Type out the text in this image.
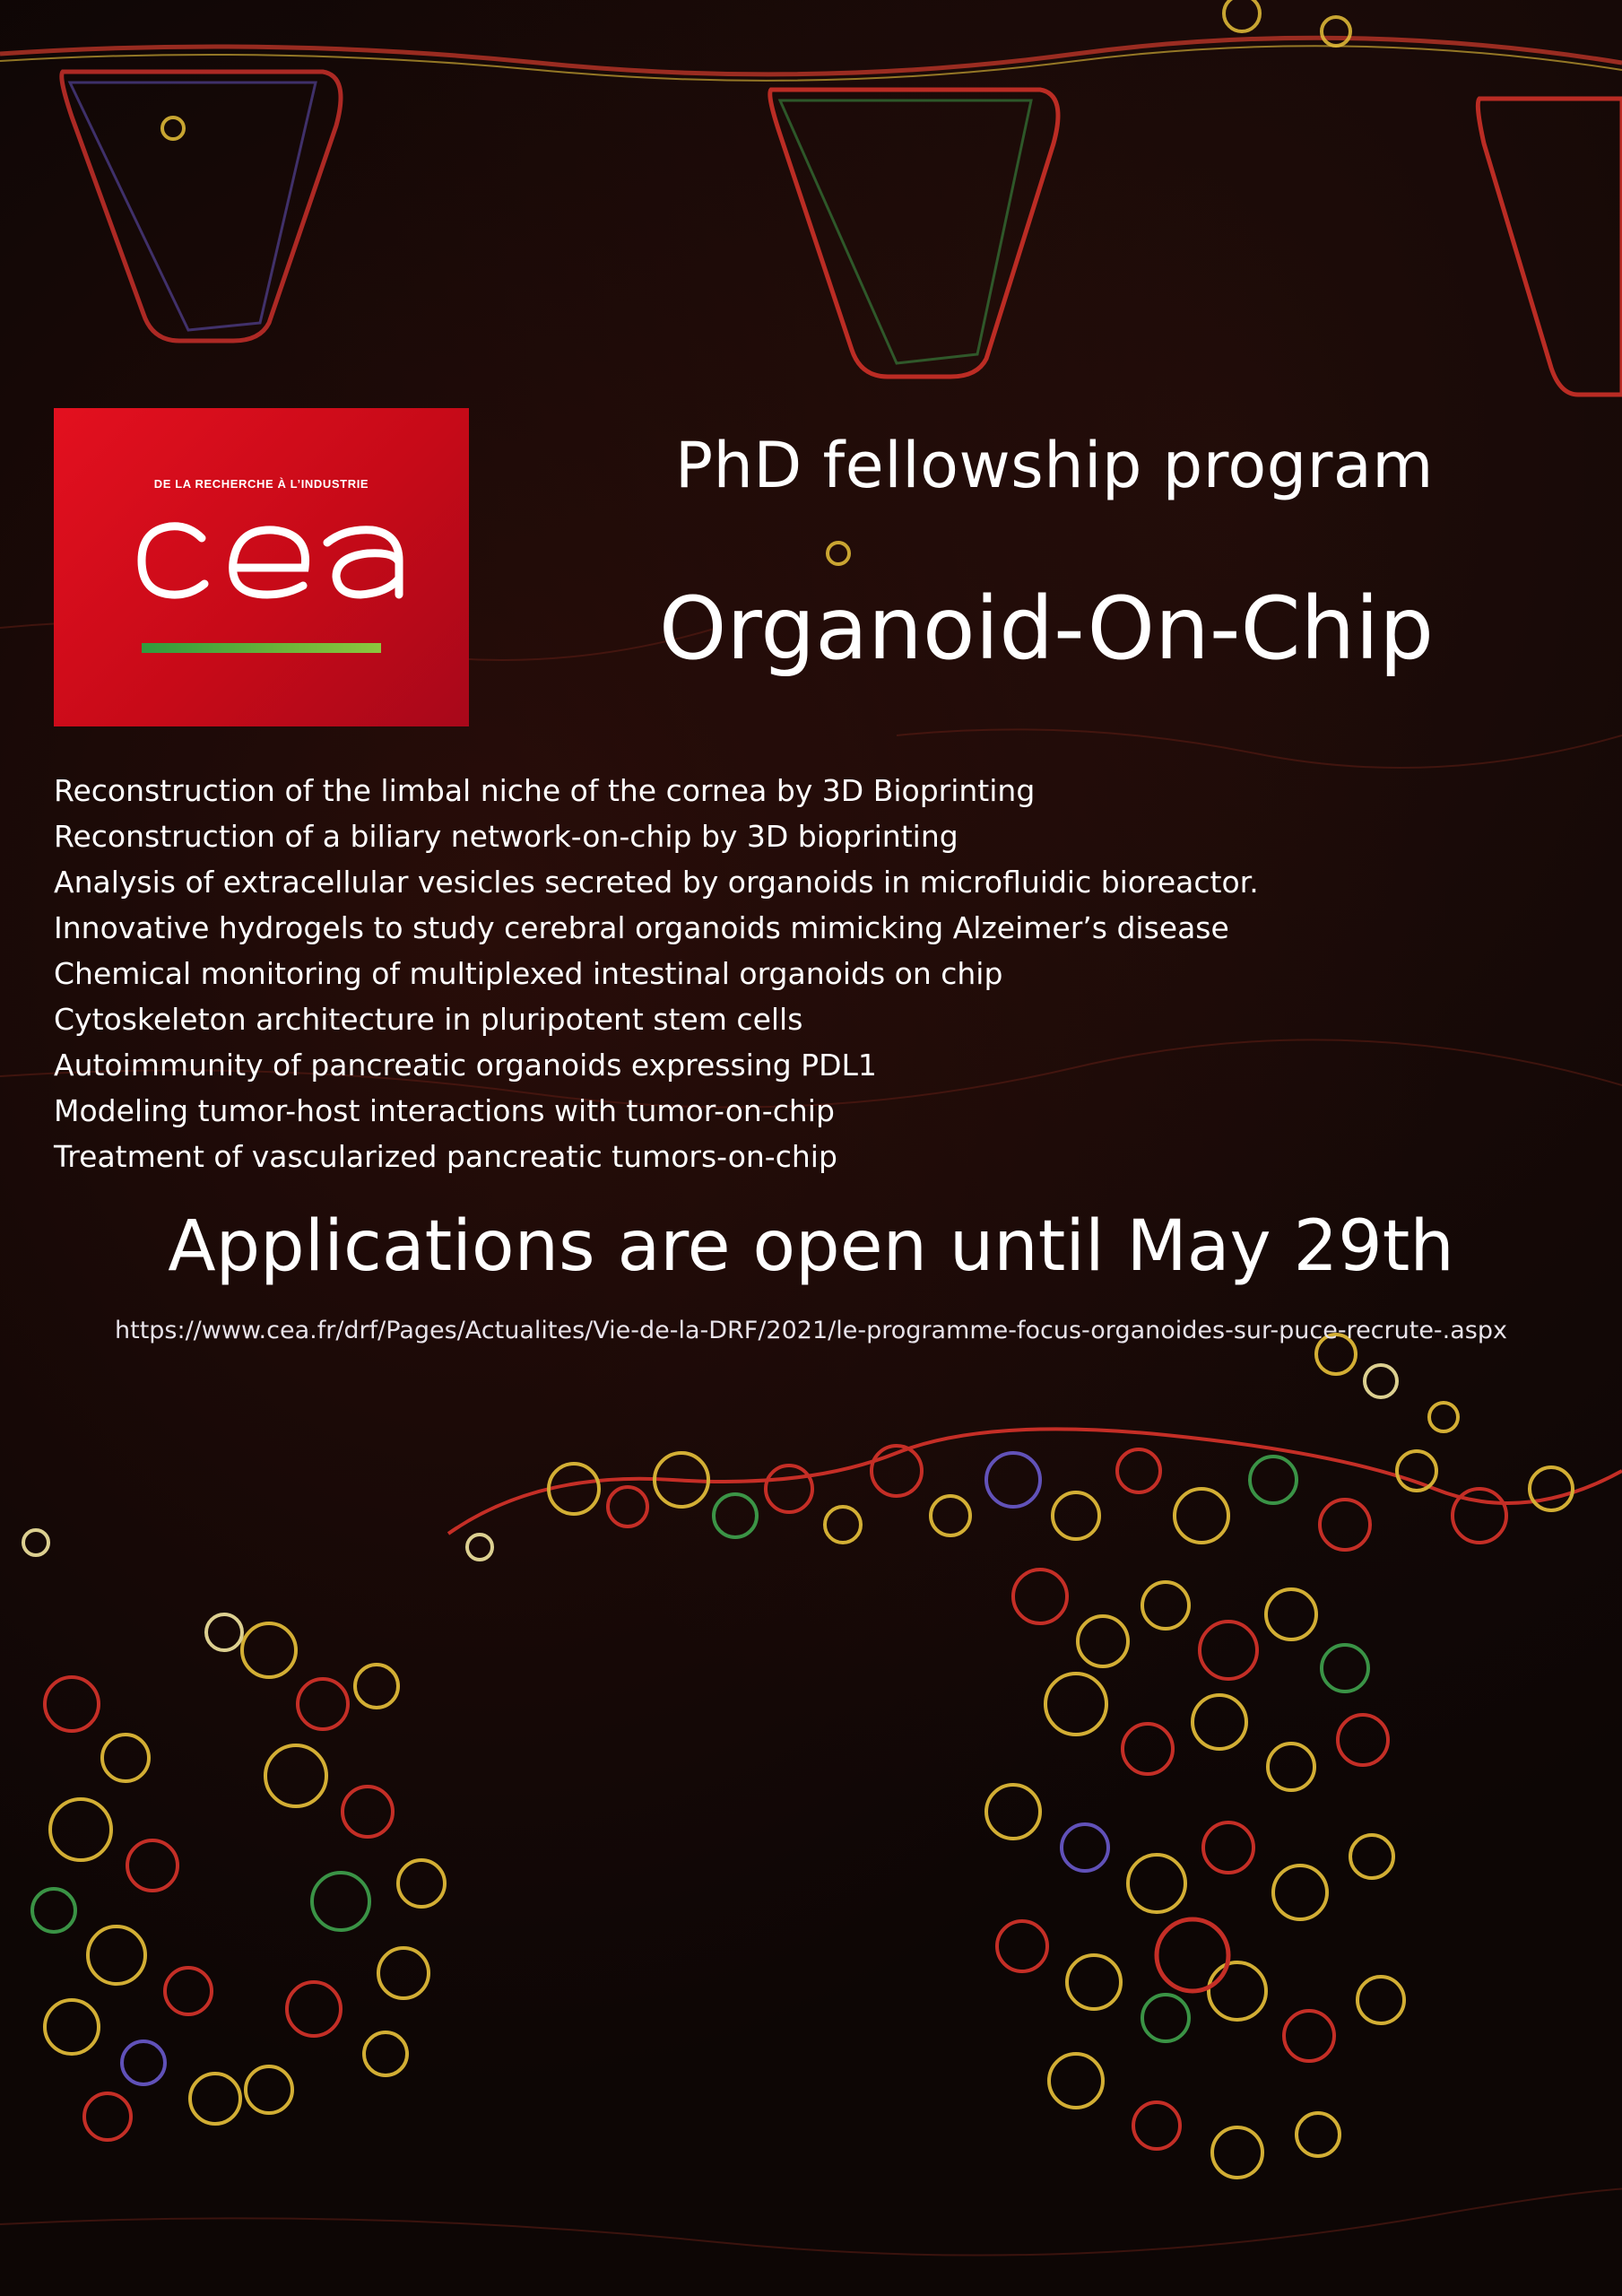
DE LA RECHERCHE À L’INDUSTRIE	PhD fellowship program
Organoid-On-Chip
Reconstruction of the limbal niche of the cornea by 3D Bioprinting
Reconstruction of a biliary network-on-chip by 3D bioprinting
Analysis of extracellular vesicles secreted by organoids in microfluidic bioreactor.
Innovative hydrogels to study cerebral organoids mimicking Alzeimer’s disease
Chemical monitoring of multiplexed intestinal organoids on chip
Cytoskeleton architecture in pluripotent stem cells
Autoimmunity of pancreatic organoids expressing PDL1
Modeling tumor-host interactions with tumor-on-chip
Treatment of vascularized pancreatic tumors-on-chip
Applications are open until May 29th
https://www.cea.fr/drf/Pages/Actualites/Vie-de-la-DRF/2021/le-programme-focus-organoides-sur-puce-recrute-.aspx
